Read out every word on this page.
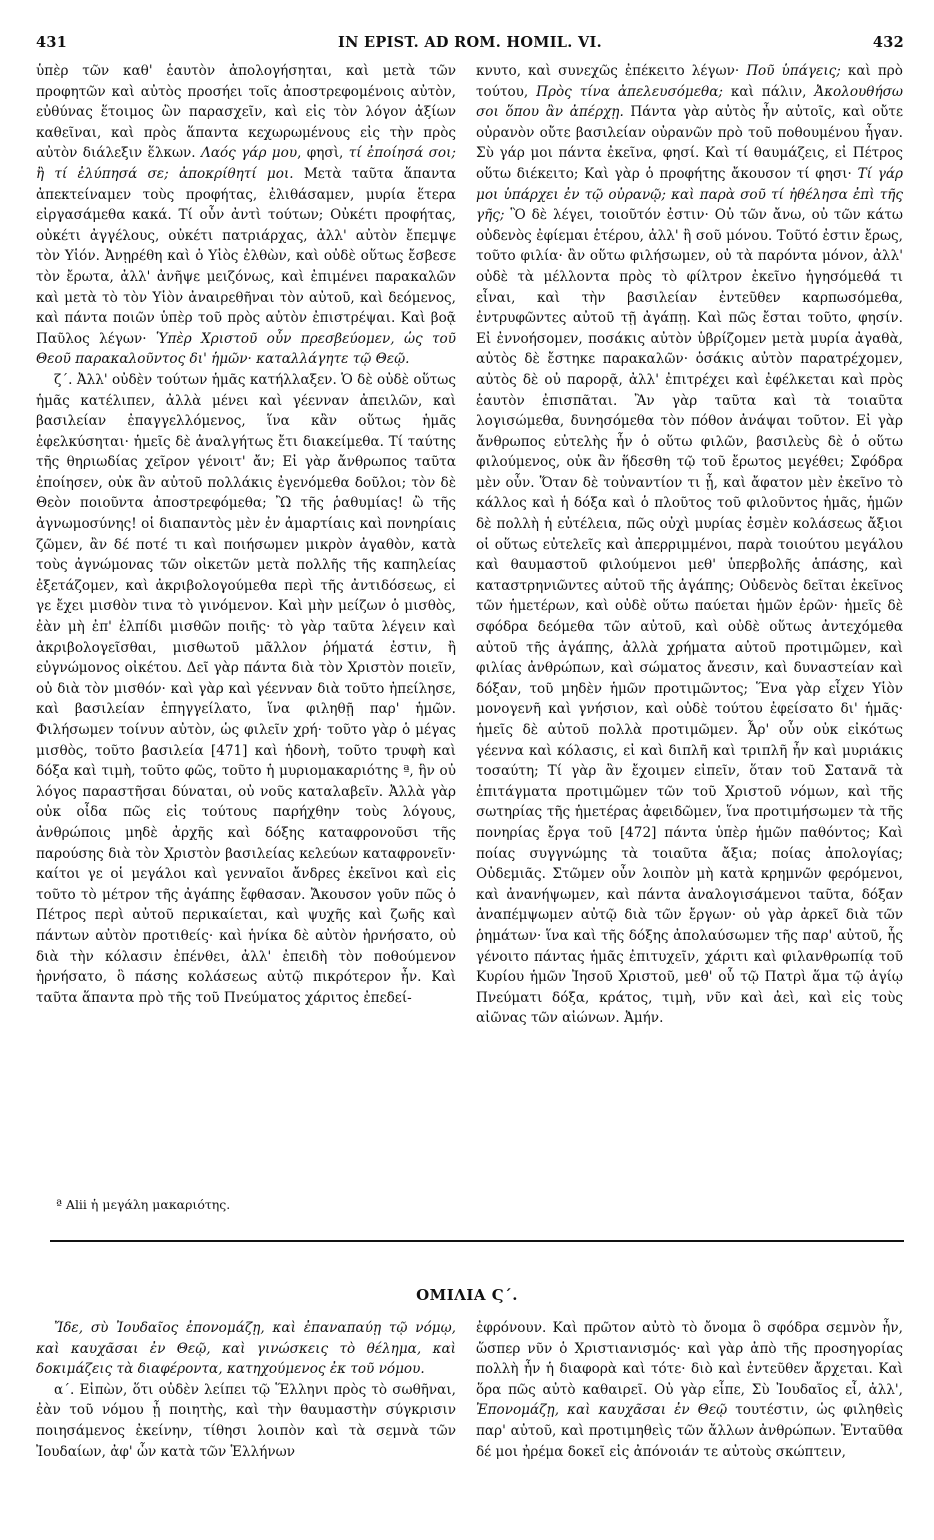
431	IN EPIST. AD ROM. HOMIL. VI.	432

ὑπὲρ τῶν καθ' ἑαυτὸν ἀπολογήσηται, καὶ μετὰ τῶν προφητῶν καὶ αὐτὸς προσήει τοῖς ἀποστρεφομένοις αὐτὸν, εὐθύνας ἕτοιμος ὢν παρασχεῖν, καὶ εἰς τὸν λόγον ἀξίων καθεῖναι, καὶ πρὸς ἅπαντα κεχωρωμένους εἰς τὴν πρὸς αὐτὸν διάλεξιν ἕλκων. Λαός γάρ μου, φησὶ, τί ἐποίησά σοι; ἢ τί ἐλύπησά σε; ἀποκρίθητί μοι. Μετὰ ταῦτα ἅπαντα ἀπεκτείναμεν τοὺς προφήτας, ἐλιθάσαμεν, μυρία ἕτερα εἰργασάμεθα κακά. Τί οὖν ἀντὶ τούτων; Οὐκέτι προφήτας, οὐκέτι ἀγγέλους, οὐκέτι πατριάρχας, ἀλλ' αὐτὸν ἔπεμψε τὸν Υἱόν. Ἀνῃρέθη καὶ ὁ Υἱὸς ἐλθὼν, καὶ οὐδὲ οὕτως ἔσβεσε τὸν ἔρωτα, ἀλλ' ἀνῆψε μειζόνως, καὶ ἐπιμένει παρακαλῶν καὶ μετὰ τὸ τὸν Υἱὸν ἀναιρεθῆναι τὸν αὐτοῦ, καὶ δεόμενος, καὶ πάντα ποιῶν ὑπὲρ τοῦ πρὸς αὐτὸν ἐπιστρέψαι. Καὶ βοᾷ Παῦλος λέγων· Ὑπὲρ Χριστοῦ οὖν πρεσβεύομεν, ὡς τοῦ Θεοῦ παρακαλοῦντος δι' ἡμῶν· καταλλάγητε τῷ Θεῷ.

ζ΄. Ἀλλ' οὐδὲν τούτων ἡμᾶς κατήλλαξεν. Ὁ δὲ οὐδὲ οὕτως ἡμᾶς κατέλιπεν, ἀλλὰ μένει καὶ γέενναν ἀπειλῶν, καὶ βασιλείαν ἐπαγγελλόμενος, ἵνα κἂν οὕτως ἡμᾶς ἐφελκύσηται· ἡμεῖς δὲ ἀναλγήτως ἔτι διακείμεθα. Τί ταύτης τῆς θηριωδίας χεῖρον γένοιτ' ἄν; Εἰ γὰρ ἄνθρωπος ταῦτα ἐποίησεν, οὐκ ἂν αὐτοῦ πολλάκις ἐγενόμεθα δοῦλοι; τὸν δὲ Θεὸν ποιοῦντα ἀποστρεφόμεθα; Ὢ τῆς ῥαθυμίας! ὢ τῆς ἀγνωμοσύνης! οἱ διαπαντὸς μὲν ἐν ἁμαρτίαις καὶ πονηρίαις ζῶμεν, ἂν δέ ποτέ τι καὶ ποιήσωμεν μικρὸν ἀγαθὸν, κατὰ τοὺς ἀγνώμονας τῶν οἰκετῶν μετὰ πολλῆς τῆς καπηλείας ἐξετάζομεν, καὶ ἀκριβολογούμεθα περὶ τῆς ἀντιδόσεως, εἰ γε ἔχει μισθὸν τινα τὸ γινόμενον. Καὶ μὴν μείζων ὁ μισθὸς, ἐὰν μὴ ἐπ' ἐλπίδι μισθῶν ποιῆς· τὸ γὰρ ταῦτα λέγειν καὶ ἀκριβολογεῖσθαι, μισθωτοῦ μᾶλλον ῥήματά ἐστιν, ἢ εὐγνώμονος οἰκέτου. Δεῖ γὰρ πάντα διὰ τὸν Χριστὸν ποιεῖν, οὐ διὰ τὸν μισθόν· καὶ γὰρ καὶ γέενναν διὰ τοῦτο ἠπείλησε, καὶ βασιλείαν ἐπηγγείλατο, ἵνα φιληθῇ παρ' ἡμῶν. Φιλήσωμεν τοίνυν αὐτὸν, ὡς φιλεῖν χρή· τοῦτο γὰρ ὁ μέγας μισθὸς, τοῦτο βασιλεία [471] καὶ ἡδονὴ, τοῦτο τρυφὴ καὶ δόξα καὶ τιμὴ, τοῦτο φῶς, τοῦτο ἡ μυριομακαριότης ª, ἣν οὐ λόγος παραστῆσαι δύναται, οὐ νοῦς καταλαβεῖν. Ἀλλὰ γὰρ οὐκ οἶδα πῶς εἰς τούτους παρήχθην τοὺς λόγους, ἀνθρώποις μηδὲ ἀρχῆς καὶ δόξης καταφρονοῦσι τῆς παρούσης διὰ τὸν Χριστὸν βασιλείας κελεύων καταφρονεῖν· καίτοι γε οἱ μεγάλοι καὶ γενναῖοι ἄνδρες ἐκεῖνοι καὶ εἰς τοῦτο τὸ μέτρον τῆς ἀγάπης ἔφθασαν. Ἄκουσον γοῦν πῶς ὁ Πέτρος περὶ αὐτοῦ περικαίεται, καὶ ψυχῆς καὶ ζωῆς καὶ πάντων αὐτὸν προτιθείς· καὶ ἡνίκα δὲ αὐτὸν ἠρνήσατο, οὐ διὰ τὴν κόλασιν ἐπένθει, ἀλλ' ἐπειδὴ τὸν ποθούμενον ἠρνήσατο, ὃ πάσης κολάσεως αὐτῷ πικρότερον ἦν. Καὶ ταῦτα ἅπαντα πρὸ τῆς τοῦ Πνεύματος χάριτος ἐπεδεί-

κνυτο, καὶ συνεχῶς ἐπέκειτο λέγων· Ποῦ ὑπάγεις; καὶ πρὸ τούτου, Πρὸς τίνα ἀπελευσόμεθα; καὶ πάλιν, Ἀκολουθήσω σοι ὅπου ἂν ἀπέρχῃ. Πάντα γὰρ αὐτὸς ἦν αὐτοῖς, καὶ οὔτε οὐρανὸν οὔτε βασιλείαν οὐρανῶν πρὸ τοῦ ποθουμένου ἦγαν. Σὺ γάρ μοι πάντα ἐκεῖνα, φησί. Καὶ τί θαυμάζεις, εἰ Πέτρος οὕτω διέκειτο; Καὶ γὰρ ὁ προφήτης ἄκουσον τί φησι· Τί γάρ μοι ὑπάρχει ἐν τῷ οὐρανῷ; καὶ παρὰ σοῦ τί ἠθέλησα ἐπὶ τῆς γῆς; Ὃ δὲ λέγει, τοιοῦτόν ἐστιν· Οὐ τῶν ἄνω, οὐ τῶν κάτω οὐδενὸς ἐφίεμαι ἑτέρου, ἀλλ' ἢ σοῦ μόνου. Τοῦτό ἐστιν ἔρως, τοῦτο φιλία· ἂν οὕτω φιλήσωμεν, οὐ τὰ παρόντα μόνον, ἀλλ' οὐδὲ τὰ μέλλοντα πρὸς τὸ φίλτρον ἐκεῖνο ἡγησόμεθά τι εἶναι, καὶ τὴν βασιλείαν ἐντεῦθεν καρπωσόμεθα, ἐντρυφῶντες αὐτοῦ τῇ ἀγάπῃ. Καὶ πῶς ἔσται τοῦτο, φησίν. Εἰ ἐννοήσομεν, ποσάκις αὐτὸν ὑβρίζομεν μετὰ μυρία ἀγαθὰ, αὐτὸς δὲ ἔστηκε παρακαλῶν· ὁσάκις αὐτὸν παρατρέχομεν, αὐτὸς δὲ οὐ παρορᾷ, ἀλλ' ἐπιτρέχει καὶ ἐφέλκεται καὶ πρὸς ἑαυτὸν ἐπισπᾶται. Ἂν γὰρ ταῦτα καὶ τὰ τοιαῦτα λογισώμεθα, δυνησόμεθα τὸν πόθον ἀνάψαι τοῦτον. Εἰ γὰρ ἄνθρωπος εὐτελὴς ἦν ὁ οὕτω φιλῶν, βασιλεὺς δὲ ὁ οὕτω φιλούμενος, οὐκ ἂν ἥδεσθη τῷ τοῦ ἔρωτος μεγέθει; Σφόδρα μὲν οὖν. Ὅταν δὲ τοὐναντίον τι ᾖ, καὶ ἄφατον μὲν ἐκεῖνο τὸ κάλλος καὶ ἡ δόξα καὶ ὁ πλοῦτος τοῦ φιλοῦντος ἡμᾶς, ἡμῶν δὲ πολλὴ ἡ εὐτέλεια, πῶς οὐχὶ μυρίας ἐσμὲν κολάσεως ἄξιοι οἱ οὕτως εὐτελεῖς καὶ ἀπερριμμένοι, παρὰ τοιούτου μεγάλου καὶ θαυμαστοῦ φιλούμενοι μεθ' ὑπερβολῆς ἁπάσης, καὶ καταστρηνιῶντες αὐτοῦ τῆς ἀγάπης; Οὐδενὸς δεῖται ἐκεῖνος τῶν ἡμετέρων, καὶ οὐδὲ οὕτω παύεται ἡμῶν ἐρῶν· ἡμεῖς δὲ σφόδρα δεόμεθα τῶν αὐτοῦ, καὶ οὐδὲ οὕτως ἀντεχόμεθα αὐτοῦ τῆς ἀγάπης, ἀλλὰ χρήματα αὐτοῦ προτιμῶμεν, καὶ φιλίας ἀνθρώπων, καὶ σώματος ἄνεσιν, καὶ δυναστείαν καὶ δόξαν, τοῦ μηδὲν ἡμῶν προτιμῶντος; Ἕνα γὰρ εἶχεν Υἱὸν μονογενῆ καὶ γνήσιον, καὶ οὐδὲ τούτου ἐφείσατο δι' ἡμᾶς· ἡμεῖς δὲ αὐτοῦ πολλὰ προτιμῶμεν. Ἆρ' οὖν οὐκ εἰκότως γέεννα καὶ κόλασις, εἰ καὶ διπλῆ καὶ τριπλῆ ἦν καὶ μυριάκις τοσαύτη; Τί γὰρ ἂν ἔχοιμεν εἰπεῖν, ὅταν τοῦ Σατανᾶ τὰ ἐπιτάγματα προτιμῶμεν τῶν τοῦ Χριστοῦ νόμων, καὶ τῆς σωτηρίας τῆς ἡμετέρας ἀφειδῶμεν, ἵνα προτιμήσωμεν τὰ τῆς πονηρίας ἔργα τοῦ [472] πάντα ὑπὲρ ἡμῶν παθόντος; Καὶ ποίας συγγνώμης τὰ τοιαῦτα ἄξια; ποίας ἀπολογίας; Οὐδεμιᾶς. Στῶμεν οὖν λοιπὸν μὴ κατὰ κρημνῶν φερόμενοι, καὶ ἀνανήψωμεν, καὶ πάντα ἀναλογισάμενοι ταῦτα, δόξαν ἀναπέμψωμεν αὐτῷ διὰ τῶν ἔργων· οὐ γὰρ ἀρκεῖ διὰ τῶν ῥημάτων· ἵνα καὶ τῆς δόξης ἀπολαύσωμεν τῆς παρ' αὐτοῦ, ἧς γένοιτο πάντας ἡμᾶς ἐπιτυχεῖν, χάριτι καὶ φιλανθρωπίᾳ τοῦ Κυρίου ἡμῶν Ἰησοῦ Χριστοῦ, μεθ' οὗ τῷ Πατρὶ ἅμα τῷ ἁγίῳ Πνεύματι δόξα, κράτος, τιμὴ, νῦν καὶ ἀεὶ, καὶ εἰς τοὺς αἰῶνας τῶν αἰώνων. Ἀμήν.

ª Alii ἡ μεγάλη μακαριότης.
ΟΜΙΛΙΑ Ϛ΄.

Ἴδε, σὺ Ἰουδαῖος ἐπονομάζῃ, καὶ ἐπαναπαύῃ τῷ νόμῳ, καὶ καυχᾶσαι ἐν Θεῷ, καὶ γινώσκεις τὸ θέλημα, καὶ δοκιμάζεις τὰ διαφέροντα, κατηχούμενος ἐκ τοῦ νόμου.

α΄. Εἰπὼν, ὅτι οὐδὲν λείπει τῷ Ἕλληνι πρὸς τὸ σωθῆναι, ἐὰν τοῦ νόμου ᾖ ποιητὴς, καὶ τὴν θαυμαστὴν σύγκρισιν ποιησάμενος ἐκείνην, τίθησι λοιπὸν καὶ τὰ σεμνὰ τῶν Ἰουδαίων, ἀφ' ὧν κατὰ τῶν Ἑλλήνων

ἐφρόνουν. Καὶ πρῶτον αὐτὸ τὸ ὄνομα ὃ σφόδρα σεμνὸν ἦν, ὥσπερ νῦν ὁ Χριστιανισμός· καὶ γὰρ ἀπὸ τῆς προσηγορίας πολλὴ ἦν ἡ διαφορὰ καὶ τότε· διὸ καὶ ἐντεῦθεν ἄρχεται. Καὶ ὅρα πῶς αὐτὸ καθαιρεῖ. Οὐ γὰρ εἶπε, Σὺ Ἰουδαῖος εἶ, ἀλλ', Ἐπονομάζῃ, καὶ καυχᾶσαι ἐν Θεῷ τουτέστιν, ὡς φιληθεὶς παρ' αὐτοῦ, καὶ προτιμηθεὶς τῶν ἄλλων ἀνθρώπων. Ἐνταῦθα δέ μοι ἠρέμα δοκεῖ εἰς ἀπόνοιάν τε αὐτοὺς σκώπτειν,
